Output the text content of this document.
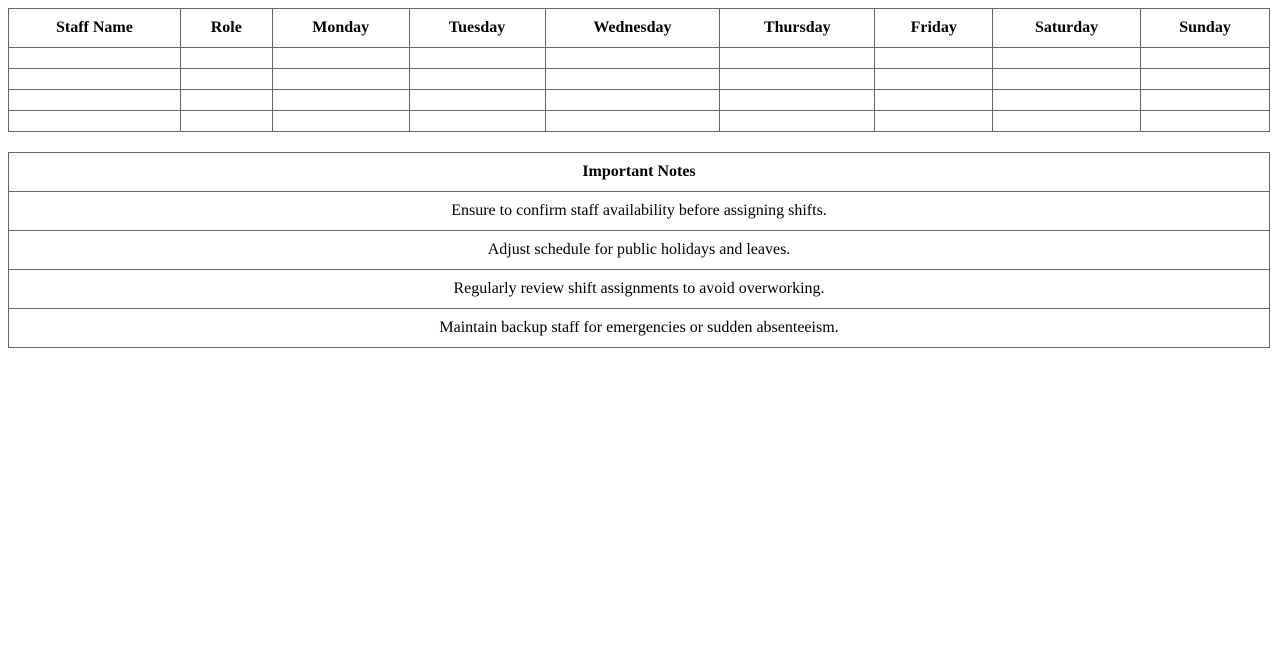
Staff Name	Role	Monday	Tuesday	Wednesday	Thursday	Friday	Saturday	Sunday

Important Notes
Ensure to confirm staff availability before assigning shifts.
Adjust schedule for public holidays and leaves.
Regularly review shift assignments to avoid overworking.
Maintain backup staff for emergencies or sudden absenteeism.
